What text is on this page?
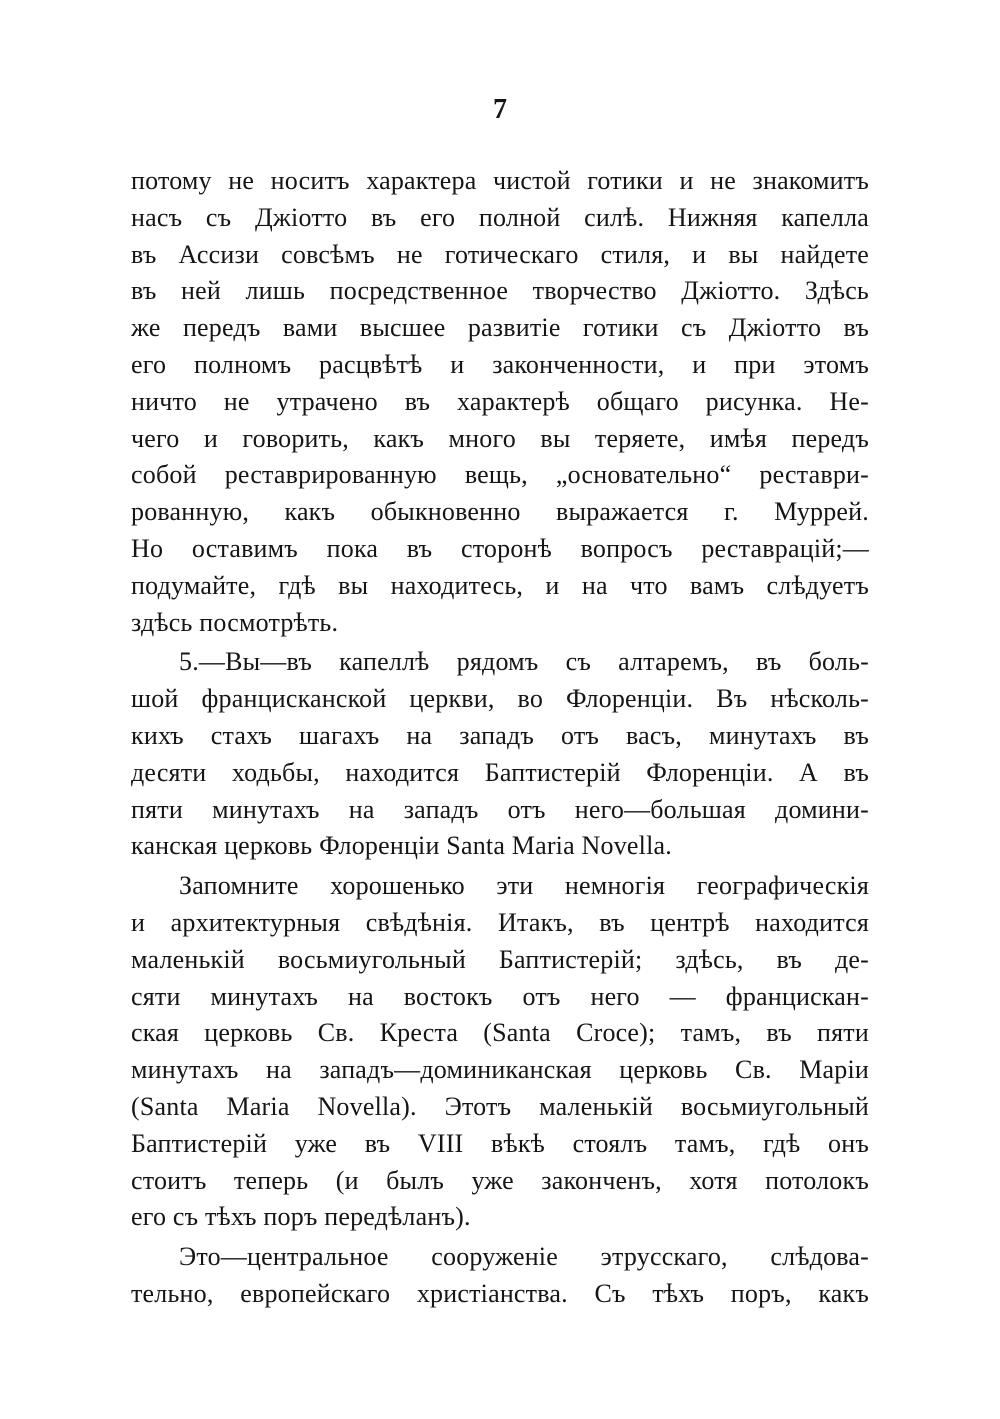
7
потому не носитъ характера чистой готики и не знакомитъ
насъ съ Джіотто въ его полной силѣ. Нижняя капелла
въ Ассизи совсѣмъ не готическаго стиля, и вы найдете
въ ней лишь посредственное творчество Джіотто. Здѣсь
же передъ вами высшее развитіе готики съ Джіотто въ
его полномъ расцвѣтѣ и законченности, и при этомъ
ничто не утрачено въ характерѣ общаго рисунка. Не-
чего и говорить, какъ много вы теряете, имѣя передъ
собой реставрированную вещь, „основательно“ реставри-
рованную, какъ обыкновенно выражается г. Муррей.
Но оставимъ пока въ сторонѣ вопросъ реставрацій;—
подумайте, гдѣ вы находитесь, и на что вамъ слѣдуетъ
здѣсь посмотрѣть.
5.—Вы—въ капеллѣ рядомъ съ алтаремъ, въ боль-
шой францисканской церкви, во Флоренціи. Въ нѣсколь-
кихъ стахъ шагахъ на западъ отъ васъ, минутахъ въ
десяти ходьбы, находится Баптистерій Флоренціи. А въ
пяти минутахъ на западъ отъ него—большая домини-
канская церковь Флоренціи Santa Maria Novella.
Запомните хорошенько эти немногія географическія
и архитектурныя свѣдѣнія. Итакъ, въ центрѣ находится
маленькій восьмиугольный Баптистерій; здѣсь, въ де-
сяти минутахъ на востокъ отъ него — францискан-
ская церковь Св. Креста (Santa Croce); тамъ, въ пяти
минутахъ на западъ—доминиканская церковь Св. Маріи
(Santa Maria Novella). Этотъ маленькій восьмиугольный
Баптистерій уже въ VIII вѣкѣ стоялъ тамъ, гдѣ онъ
стоитъ теперь (и былъ уже законченъ, хотя потолокъ
его съ тѣхъ поръ передѣланъ).
Это—центральное сооруженіе этрусскаго, слѣдова-
тельно, европейскаго христіанства. Съ тѣхъ поръ, какъ
